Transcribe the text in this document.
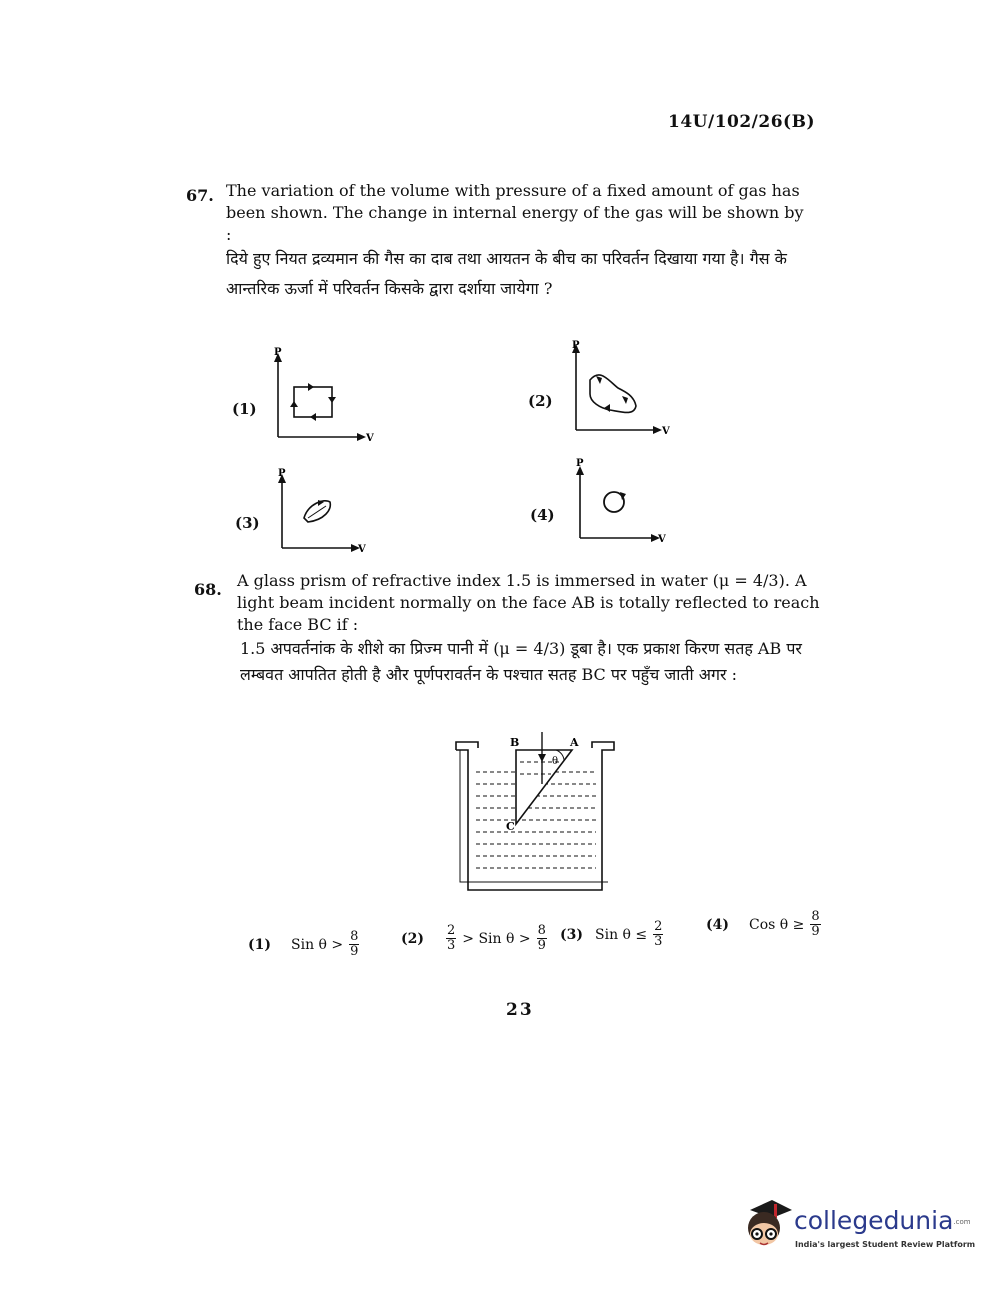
14U/102/26(B)
67. The variation of the volume with pressure of a fixed amount of gas has been shown. The change in internal energy of the gas will be shown by :
दिये हुए नियत द्रव्यमान की गैस का दाब तथा आयतन के बीच का परिवर्तन दिखाया गया है। गैस के आन्तरिक ऊर्जा में परिवर्तन किसके द्वारा दर्शाया जायेगा ?
(1)	(2)
(3)	(4)
P
V
P
V
P
V
P
V
68. A glass prism of refractive index 1.5 is immersed in water (μ = 4/3). A light beam incident normally on the face AB is totally reflected to reach the face BC if :
1.5 अपवर्तनांक के शीशे का प्रिज्म पानी में (μ = 4/3) डूबा है। एक प्रकाश किरण सतह AB पर लम्बवत आपतित होती है और पूर्णपरावर्तन के पश्चात सतह BC पर पहुँच जाती अगर :
B	A
C
θ
(1) Sin $\theta > \frac{8}{9}$	$(2) \frac{2}{3}$ > Sin $\theta > \frac{8}{9} (3)$ Sin $\theta \le \frac{2}{3}$	(4) Cos $\theta \ge \frac{8}{9}$
23
collegedunia.com
India's largest Student Review Platform
